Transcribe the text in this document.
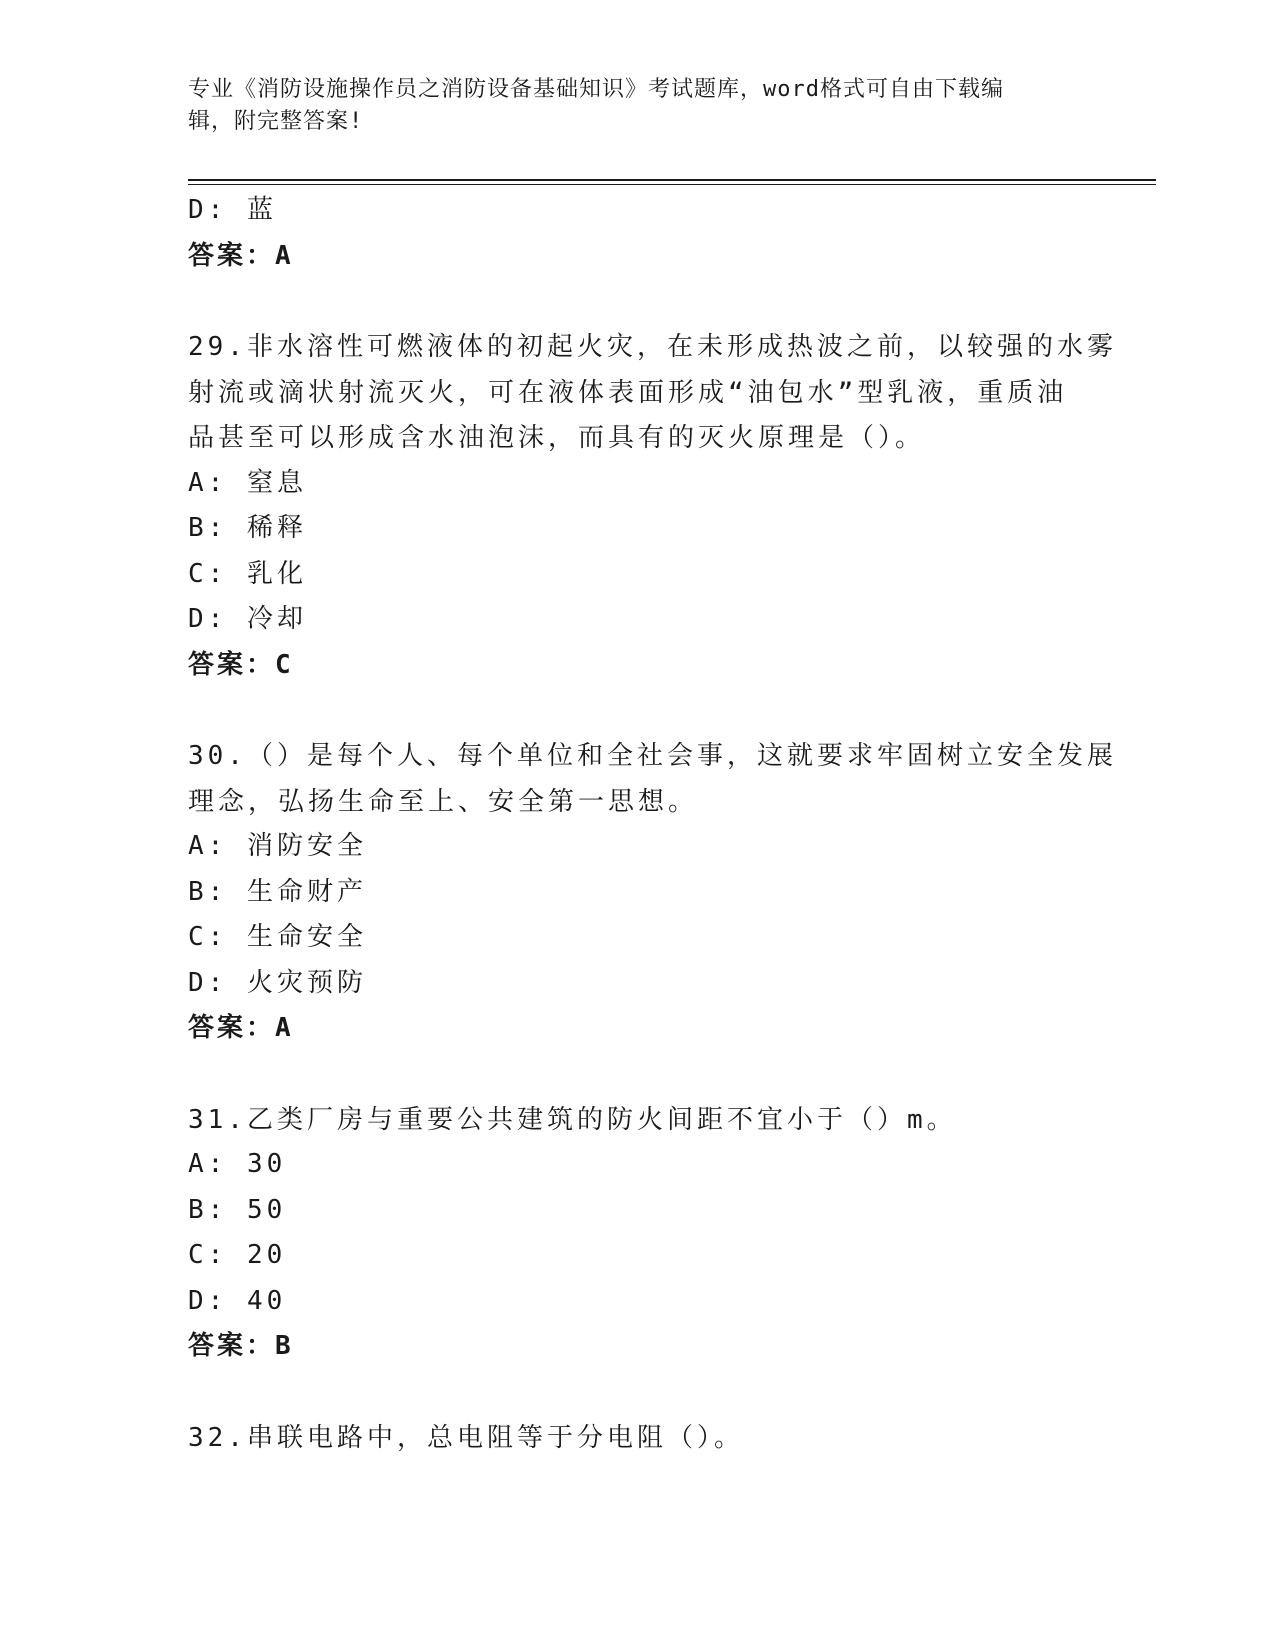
专业《消防设施操作员之消防设备基础知识》考试题库，word格式可自由下载编
辑，附完整答案!
D: 蓝
答案：A
29.非水溶性可燃液体的初起火灾，在未形成热波之前，以较强的水雾
射流或滴状射流灭火，可在液体表面形成“油包水”型乳液，重质油
品甚至可以形成含水油泡沫，而具有的灭火原理是（）。
A: 窒息
B: 稀释
C: 乳化
D: 冷却
答案：C
30.（）是每个人、每个单位和全社会事，这就要求牢固树立安全发展
理念，弘扬生命至上、安全第一思想。
A: 消防安全
B: 生命财产
C: 生命安全
D: 火灾预防
答案：A
31.乙类厂房与重要公共建筑的防火间距不宜小于（）m。
A: 30
B: 50
C: 20
D: 40
答案：B
32.串联电路中，总电阻等于分电阻（）。
